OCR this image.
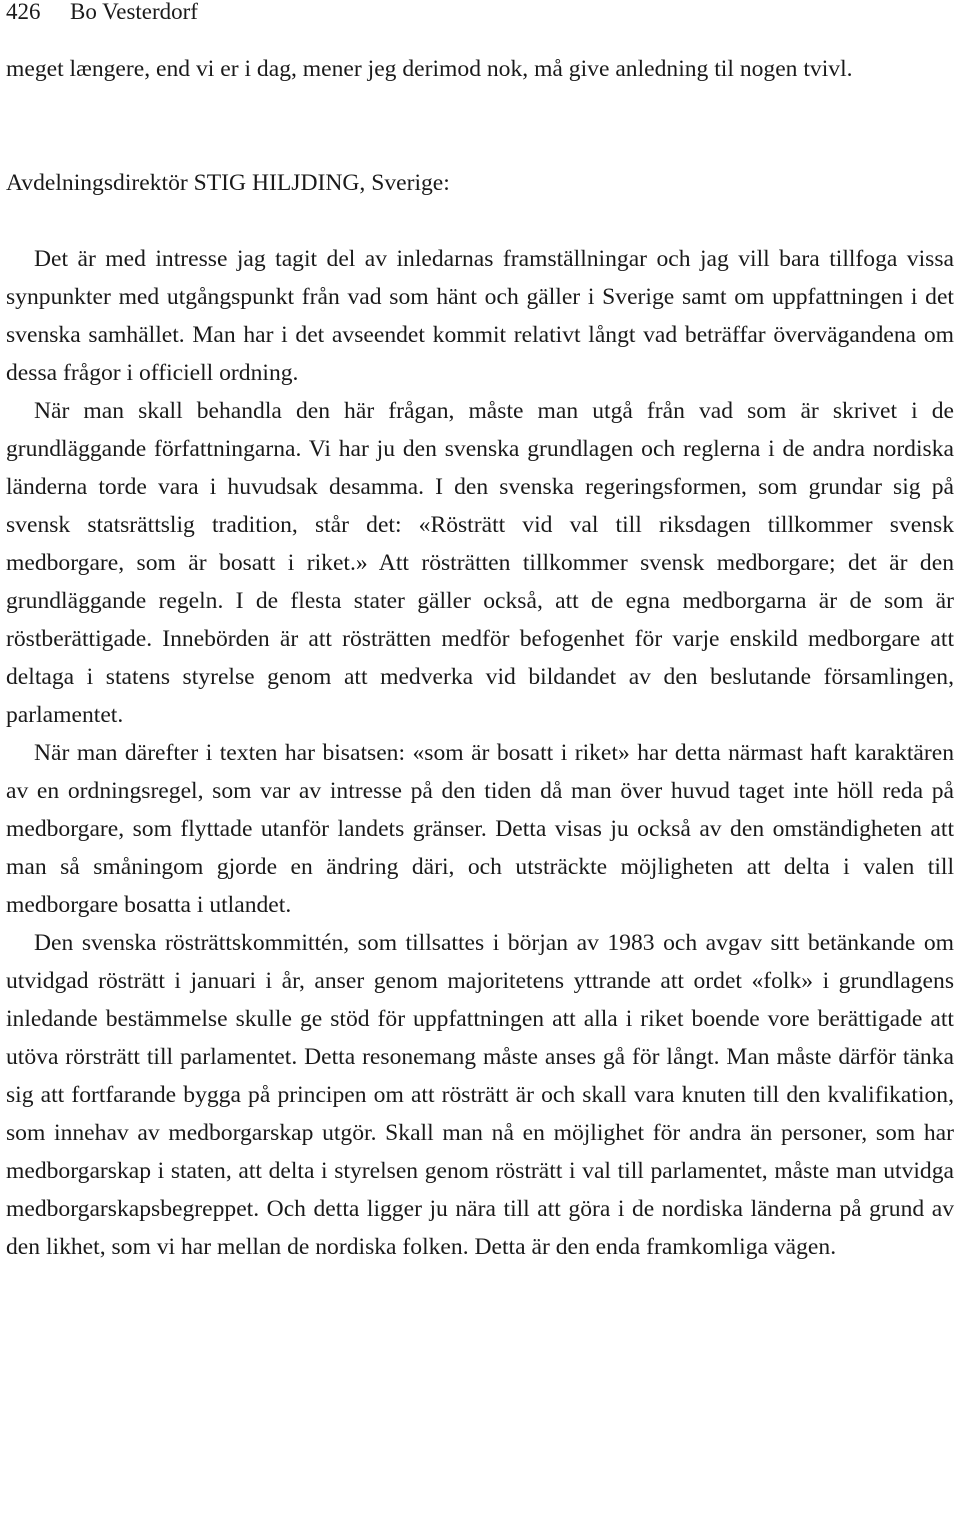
426 Bo Vesterdorf

meget længere, end vi er i dag, mener jeg derimod nok, må give anledning til nogen tvivl.

Avdelningsdirektör STIG HILJDING, Sverige:

Det är med intresse jag tagit del av inledarnas framställningar och jag vill bara tillfoga vissa synpunkter med utgångspunkt från vad som hänt och gäller i Sverige samt om uppfattningen i det svenska samhället. Man har i det avseendet kommit relativt långt vad beträffar övervägandena om dessa frågor i officiell ordning.

När man skall behandla den här frågan, måste man utgå från vad som är skrivet i de grundläggande författningarna. Vi har ju den svenska grundlagen och reglerna i de andra nordiska länderna torde vara i huvudsak desamma. I den svenska regeringsformen, som grundar sig på svensk statsrättslig tradition, står det: «Rösträtt vid val till riksdagen tillkommer svensk medborgare, som är bosatt i riket.» Att rösträtten tillkommer svensk medborgare; det är den grundläggande regeln. I de flesta stater gäller också, att de egna medborgarna är de som är röstberättigade. Innebörden är att rösträtten medför befogenhet för varje enskild medborgare att deltaga i statens styrelse genom att medverka vid bildandet av den beslutande församlingen, parlamentet.

När man därefter i texten har bisatsen: «som är bosatt i riket» har detta närmast haft karaktären av en ordningsregel, som var av intresse på den tiden då man över huvud taget inte höll reda på medborgare, som flyttade utanför landets gränser. Detta visas ju också av den omständigheten att man så småningom gjorde en ändring däri, och utsträckte möjligheten att delta i valen till medborgare bosatta i utlandet.

Den svenska rösträttskommittén, som tillsattes i början av 1983 och avgav sitt betänkande om utvidgad rösträtt i januari i år, anser genom majoritetens yttrande att ordet «folk» i grundlagens inledande bestämmelse skulle ge stöd för uppfattningen att alla i riket boende vore berättigade att utöva rörsträtt till parlamentet. Detta resonemang måste anses gå för långt. Man måste därför tänka sig att fortfarande bygga på principen om att rösträtt är och skall vara knuten till den kvalifikation, som innehav av medborgarskap utgör. Skall man nå en möjlighet för andra än personer, som har medborgarskap i staten, att delta i styrelsen genom rösträtt i val till parlamentet, måste man utvidga medborgarskapsbegreppet. Och detta ligger ju nära till att göra i de nordiska länderna på grund av den likhet, som vi har mellan de nordiska folken. Detta är den enda framkomliga vägen.
